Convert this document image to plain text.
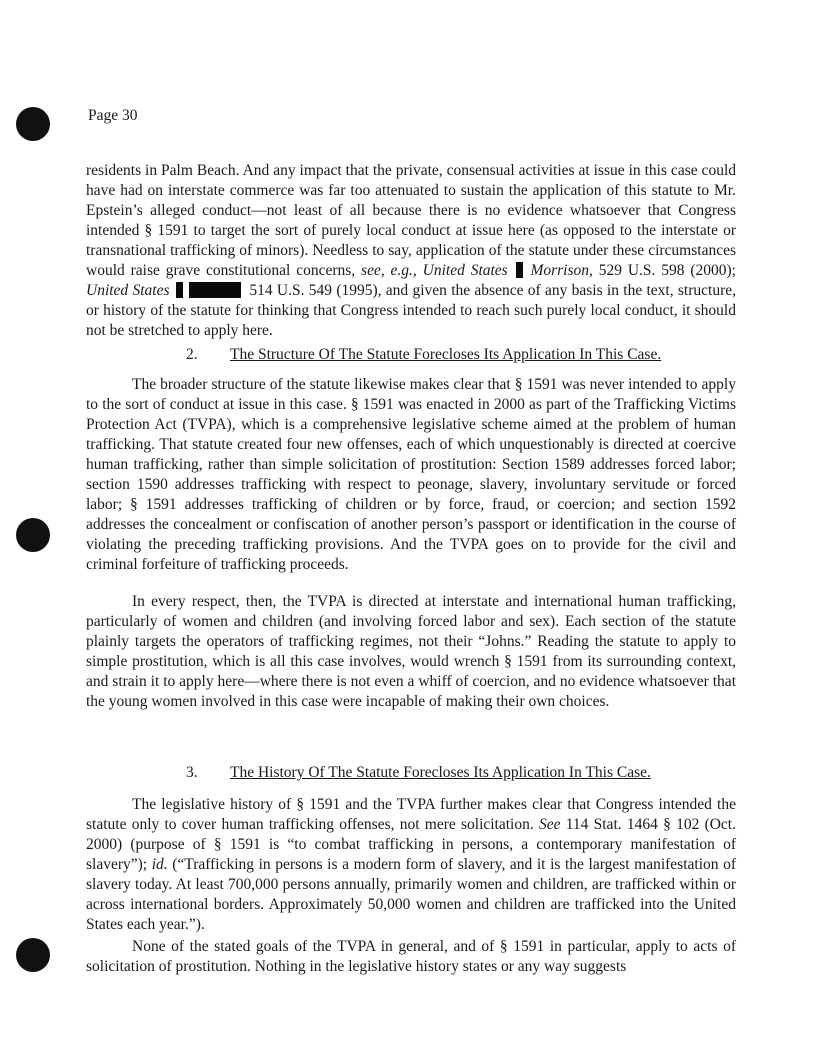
Page 30

residents in Palm Beach. And any impact that the private, consensual activities at issue in this case could have had on interstate commerce was far too attenuated to sustain the application of this statute to Mr. Epstein’s alleged conduct—not least of all because there is no evidence whatsoever that Congress intended § 1591 to target the sort of purely local conduct at issue here (as opposed to the interstate or transnational trafficking of minors). Needless to say, application of the statute under these circumstances would raise grave constitutional concerns, see, e.g., United States Morrison, 529 U.S. 598 (2000); United States	514 U.S. 549 (1995), and given the absence of any basis in the text, structure, or history of the statute for thinking that Congress intended to reach such purely local conduct, it should not be stretched to apply here.

2. The Structure Of The Statute Forecloses Its Application In This Case.

The broader structure of the statute likewise makes clear that § 1591 was never intended to apply to the sort of conduct at issue in this case. § 1591 was enacted in 2000 as part of the Trafficking Victims Protection Act (TVPA), which is a comprehensive legislative scheme aimed at the problem of human trafficking. That statute created four new offenses, each of which unquestionably is directed at coercive human trafficking, rather than simple solicitation of prostitution: Section 1589 addresses forced labor; section 1590 addresses trafficking with respect to peonage, slavery, involuntary servitude or forced labor; § 1591 addresses trafficking of children or by force, fraud, or coercion; and section 1592 addresses the concealment or confiscation of another person’s passport or identification in the course of violating the preceding trafficking provisions. And the TVPA goes on to provide for the civil and criminal forfeiture of trafficking proceeds.

In every respect, then, the TVPA is directed at interstate and international human trafficking, particularly of women and children (and involving forced labor and sex). Each section of the statute plainly targets the operators of trafficking regimes, not their “Johns.” Reading the statute to apply to simple prostitution, which is all this case involves, would wrench § 1591 from its surrounding context, and strain it to apply here—where there is not even a whiff of coercion, and no evidence whatsoever that the young women involved in this case were incapable of making their own choices.

3. The History Of The Statute Forecloses Its Application In This Case.

The legislative history of § 1591 and the TVPA further makes clear that Congress intended the statute only to cover human trafficking offenses, not mere solicitation. See 114 Stat. 1464 § 102 (Oct. 2000) (purpose of § 1591 is “to combat trafficking in persons, a contemporary manifestation of slavery”); id. (“Trafficking in persons is a modern form of slavery, and it is the largest manifestation of slavery today. At least 700,000 persons annually, primarily women and children, are trafficked within or across international borders. Approximately 50,000 women and children are trafficked into the United States each year.”).

None of the stated goals of the TVPA in general, and of § 1591 in particular, apply to acts of solicitation of prostitution. Nothing in the legislative history states or any way suggests
